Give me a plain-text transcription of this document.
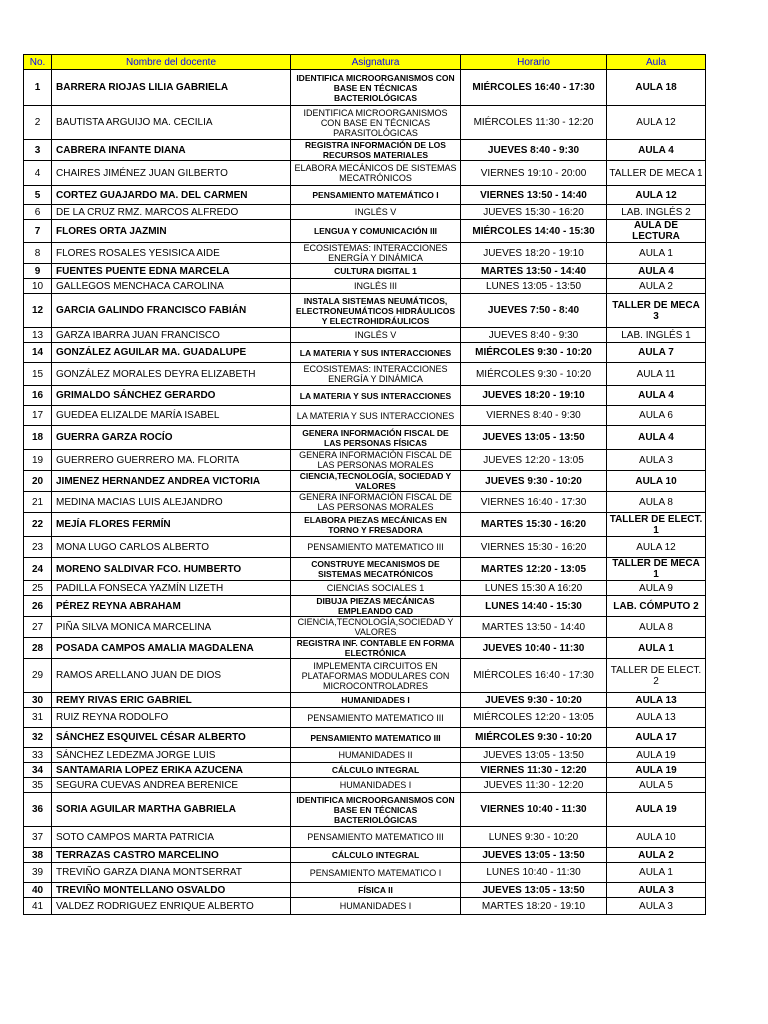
No.	Nombre del docente	Asignatura	Horario	Aula
1	BARRERA RIOJAS LILIA GABRIELA	IDENTIFICA MICROORGANISMOS CON BASE EN TÉCNICAS BACTERIOLÓGICAS	MIÉRCOLES 16:40 - 17:30	AULA 18
2	BAUTISTA ARGUIJO MA. CECILIA	IDENTIFICA MICROORGANISMOS CON BASE EN TÉCNICAS PARASITOLÓGICAS	MIÉRCOLES 11:30 - 12:20	AULA 12
3	CABRERA INFANTE DIANA	REGISTRA INFORMACIÓN DE LOS RECURSOS MATERIALES	JUEVES 8:40 - 9:30	AULA 4
4	CHAIRES JIMÉNEZ JUAN GILBERTO	ELABORA MECÁNICOS DE SISTEMAS MECATRÓNICOS	VIERNES 19:10 - 20:00	TALLER DE MECA 1
5	CORTEZ GUAJARDO MA. DEL CARMEN	PENSAMIENTO MATEMÁTICO I	VIERNES 13:50 - 14:40	AULA 12
6	DE LA CRUZ RMZ. MARCOS ALFREDO	INGLÉS V	JUEVES 15:30 - 16:20	LAB. INGLÉS 2
7	FLORES ORTA JAZMIN	LENGUA Y COMUNICACIÓN III	MIÉRCOLES 14:40 - 15:30	AULA DE LECTURA
8	FLORES ROSALES YESISICA AIDE	ECOSISTEMAS: INTERACCIONES ENERGÍA Y DINÁMICA	JUEVES 18:20 - 19:10	AULA 1
9	FUENTES PUENTE EDNA MARCELA	CULTURA DIGITAL 1	MARTES 13:50 - 14:40	AULA 4
10	GALLEGOS MENCHACA CAROLINA	INGLÉS III	LUNES 13:05 - 13:50	AULA 2
12	GARCIA GALINDO FRANCISCO FABIÁN	INSTALA SISTEMAS NEUMÁTICOS, ELECTRONEUMÁTICOS HIDRÁULICOS Y ELECTROHIDRÁULICOS	JUEVES 7:50 - 8:40	TALLER DE MECA 3
13	GARZA IBARRA JUAN FRANCISCO	INGLÉS V	JUEVES 8:40 - 9:30	LAB. INGLÉS 1
14	GONZÁLEZ AGUILAR MA. GUADALUPE	LA MATERIA Y SUS INTERACCIONES	MIÉRCOLES 9:30 - 10:20	AULA 7
15	GONZÁLEZ MORALES DEYRA ELIZABETH	ECOSISTEMAS: INTERACCIONES ENERGÍA Y DINÁMICA	MIÉRCOLES 9:30 - 10:20	AULA 11
16	GRIMALDO SÁNCHEZ GERARDO	LA MATERIA Y SUS INTERACCIONES	JUEVES 18:20 - 19:10	AULA 4
17	GUEDEA ELIZALDE MARÍA ISABEL	LA MATERIA Y SUS INTERACCIONES	VIERNES 8:40 - 9:30	AULA 6
18	GUERRA GARZA ROCÍO	GENERA INFORMACIÓN FISCAL DE LAS PERSONAS FÍSICAS	JUEVES 13:05 - 13:50	AULA 4
19	GUERRERO GUERRERO MA. FLORITA	GENERA INFORMACIÓN FISCAL DE LAS PERSONAS MORALES	JUEVES 12:20 - 13:05	AULA 3
20	JIMENEZ HERNANDEZ ANDREA VICTORIA	CIENCIA,TECNOLOGÍA, SOCIEDAD Y VALORES	JUEVES 9:30 - 10:20	AULA 10
21	MEDINA MACIAS LUIS ALEJANDRO	GENERA INFORMACIÓN FISCAL DE LAS PERSONAS MORALES	VIERNES 16:40 - 17:30	AULA 8
22	MEJÍA FLORES FERMÍN	ELABORA PIEZAS MECÁNICAS EN TORNO Y FRESADORA	MARTES 15:30 - 16:20	TALLER DE ELECT. 1
23	MONA LUGO CARLOS ALBERTO	PENSAMIENTO MATEMATICO III	VIERNES 15:30 - 16:20	AULA 12
24	MORENO SALDIVAR FCO. HUMBERTO	CONSTRUYE MECANISMOS DE SISTEMAS MECATRÓNICOS	MARTES 12:20 - 13:05	TALLER DE MECA 1
25	PADILLA FONSECA YAZMÍN LIZETH	CIENCIAS SOCIALES 1	LUNES 15:30 A 16:20	AULA 9
26	PÉREZ REYNA ABRAHAM	DIBUJA PIEZAS MECÁNICAS EMPLEANDO CAD	LUNES 14:40 - 15:30	LAB. CÓMPUTO 2
27	PIÑA SILVA MONICA MARCELINA	CIENCIA,TECNOLOGÍA,SOCIEDAD Y VALORES	MARTES 13:50 - 14:40	AULA 8
28	POSADA CAMPOS AMALIA MAGDALENA	REGISTRA INF. CONTABLE EN FORMA ELECTRÓNICA	JUEVES 10:40 - 11:30	AULA 1
29	RAMOS ARELLANO JUAN DE DIOS	IMPLEMENTA CIRCUITOS EN PLATAFORMAS MODULARES CON MICROCONTROLADRES	MIÉRCOLES 16:40 - 17:30	TALLER DE ELECT. 2
30	REMY RIVAS ERIC GABRIEL	HUMANIDADES I	JUEVES 9:30 - 10:20	AULA 13
31	RUIZ REYNA RODOLFO	PENSAMIENTO MATEMATICO III	MIÉRCOLES 12:20 - 13:05	AULA 13
32	SÁNCHEZ ESQUIVEL CÉSAR ALBERTO	PENSAMIENTO MATEMATICO III	MIÉRCOLES 9:30 - 10:20	AULA 17
33	SÁNCHEZ LEDEZMA JORGE LUIS	HUMANIDADES II	JUEVES 13:05 - 13:50	AULA 19
34	SANTAMARIA LOPEZ ERIKA AZUCENA	CÁLCULO INTEGRAL	VIERNES 11:30 - 12:20	AULA 19
35	SEGURA CUEVAS ANDREA BERENICE	HUMANIDADES I	JUEVES 11:30 - 12:20	AULA 5
36	SORIA AGUILAR MARTHA GABRIELA	IDENTIFICA MICROORGANISMOS CON BASE EN TÉCNICAS BACTERIOLÓGICAS	VIERNES 10:40 - 11:30	AULA 19
37	SOTO CAMPOS MARTA PATRICIA	PENSAMIENTO MATEMATICO III	LUNES 9:30 - 10:20	AULA 10
38	TERRAZAS CASTRO MARCELINO	CÁLCULO INTEGRAL	JUEVES 13:05 - 13:50	AULA 2
39	TREVIÑO GARZA DIANA MONTSERRAT	PENSAMIENTO MATEMATICO I	LUNES 10:40 - 11:30	AULA 1
40	TREVIÑO MONTELLANO OSVALDO	FÍSICA II	JUEVES 13:05 - 13:50	AULA 3
41	VALDEZ RODRIGUEZ ENRIQUE ALBERTO	HUMANIDADES I	MARTES 18:20 - 19:10	AULA 3
